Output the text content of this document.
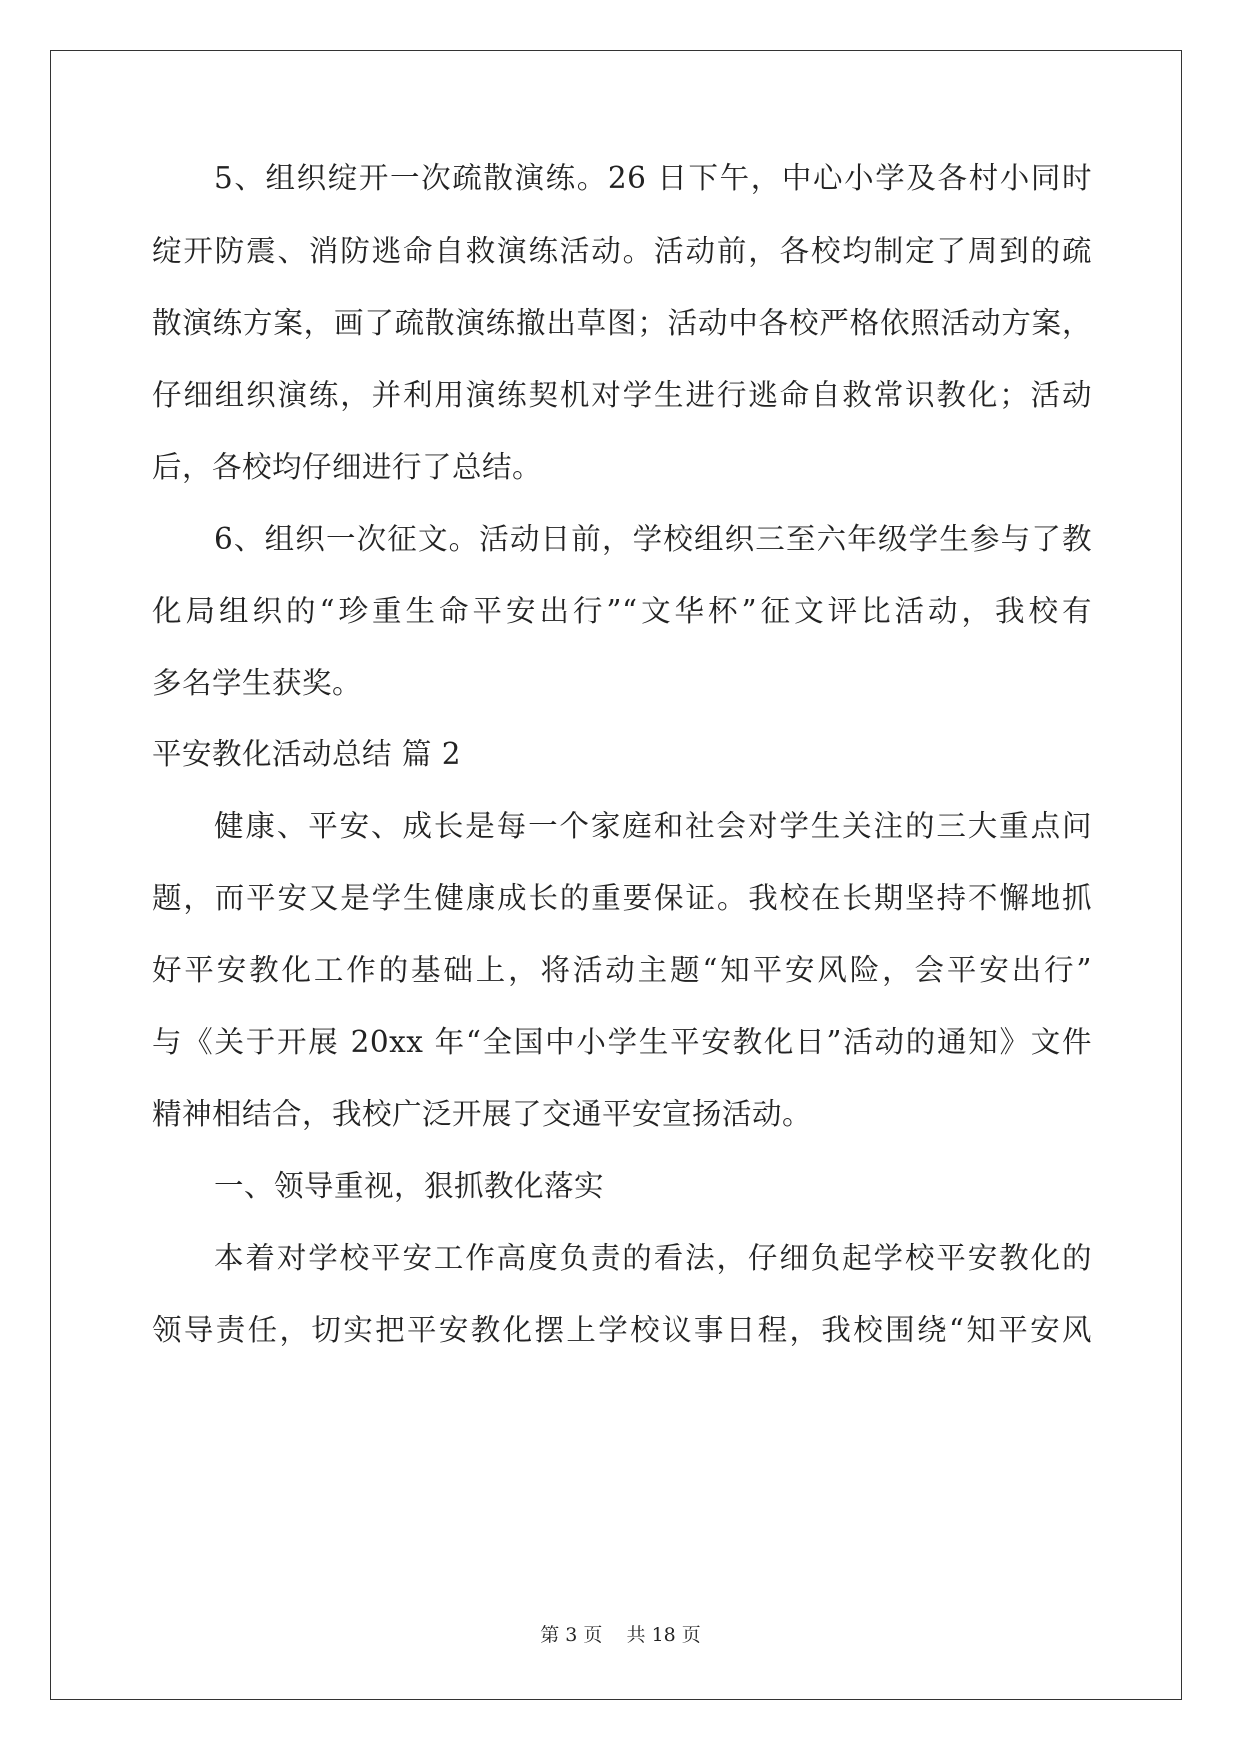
5、组织绽开一次疏散演练。26 日下午，中心小学及各村小同时
绽开防震、消防逃命自救演练活动。活动前，各校均制定了周到的疏
散演练方案，画了疏散演练撤出草图；活动中各校严格依照活动方案，
仔细组织演练，并利用演练契机对学生进行逃命自救常识教化；活动
后，各校均仔细进行了总结。
6、组织一次征文。活动日前，学校组织三至六年级学生参与了教
化局组织的“珍重生命平安出行”“文华杯”征文评比活动，我校有
多名学生获奖。
平安教化活动总结 篇 2
健康、平安、成长是每一个家庭和社会对学生关注的三大重点问
题，而平安又是学生健康成长的重要保证。我校在长期坚持不懈地抓
好平安教化工作的基础上，将活动主题“知平安风险，会平安出行”
与《关于开展 20xx 年“全国中小学生平安教化日”活动的通知》文件
精神相结合，我校广泛开展了交通平安宣扬活动。
一、领导重视，狠抓教化落实
本着对学校平安工作高度负责的看法，仔细负起学校平安教化的
领导责任，切实把平安教化摆上学校议事日程，我校围绕“知平安风
第 3 页    共 18 页
